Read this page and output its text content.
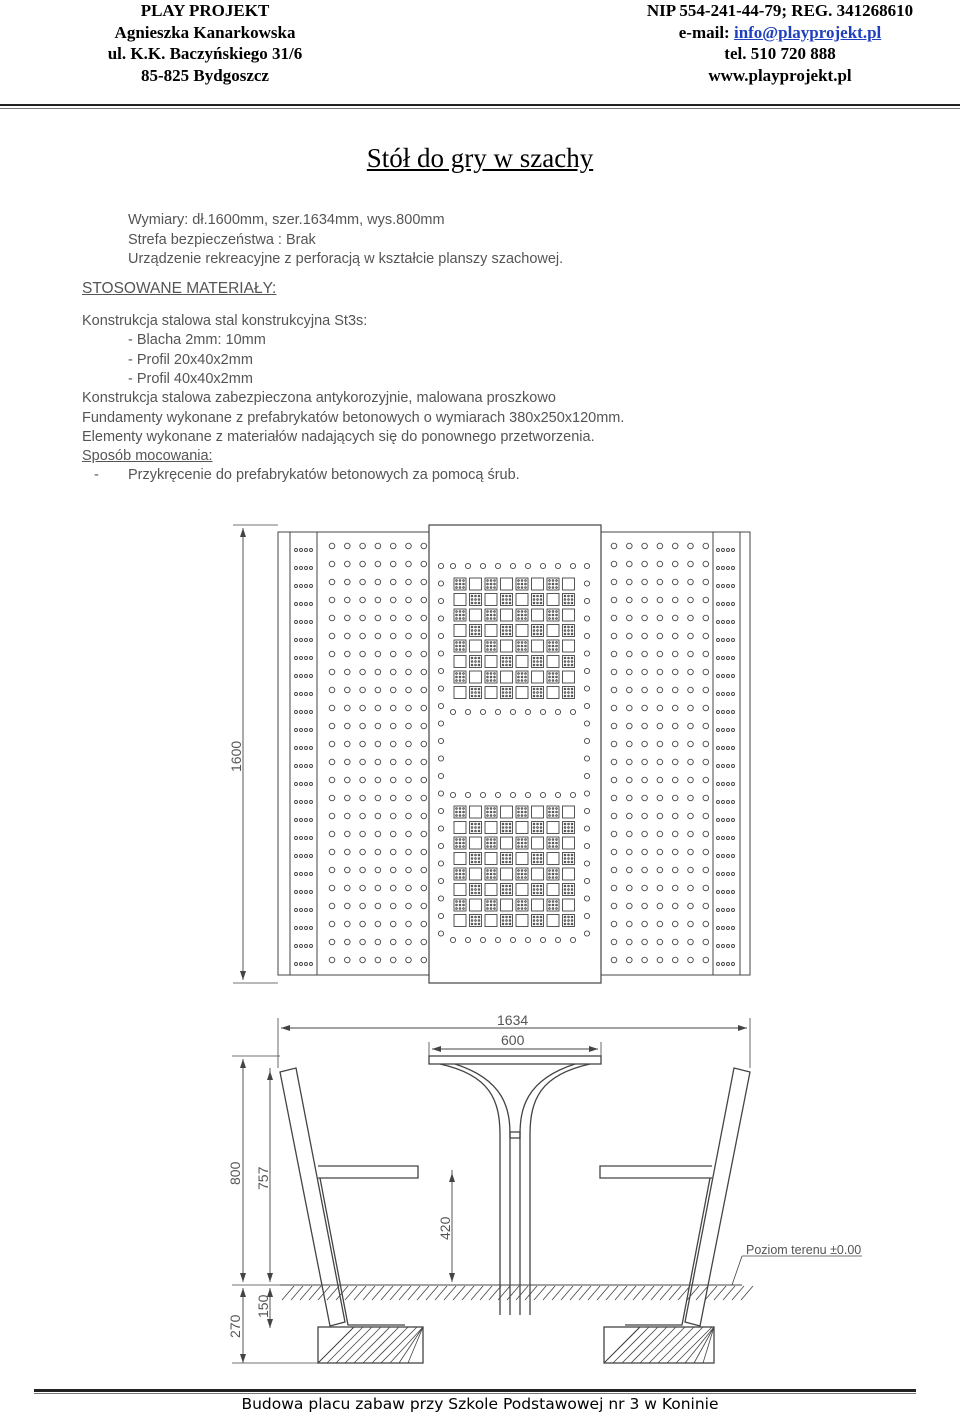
PLAY PROJEKT
Agnieszka Kanarkowska
ul. K.K. Baczyńskiego 31/6
85-825 Bydgoszcz
NIP 554-241-44-79; REG. 341268610
e-mail: info@playprojekt.pl
tel. 510 720 888
www.playprojekt.pl
Stół do gry w szachy
Wymiary: dł.1600mm, szer.1634mm, wys.800mm
Strefa bezpieczeństwa : Brak
Urządzenie rekreacyjne z perforacją w kształcie planszy szachowej.
STOSOWANE MATERIAŁY:
Konstrukcja stalowa stal konstrukcyjna St3s:
- Blacha 2mm: 10mm
- Profil 20x40x2mm
- Profil 40x40x2mm
Konstrukcja stalowa zabezpieczona antykorozyjnie, malowana proszkowo
Fundamenty wykonane z prefabrykatów betonowych o wymiarach 380x250x120mm.
Elementy wykonane z materiałów nadających się do ponownego przetworzenia.
Sposób mocowania:
- Przykręcenie do prefabrykatów betonowych za pomocą śrub.
1600
1634
600
800 757
420
270
150
Poziom terenu ±0.00
Budowa placu zabaw przy Szkole Podstawowej nr 3 w Koninie
